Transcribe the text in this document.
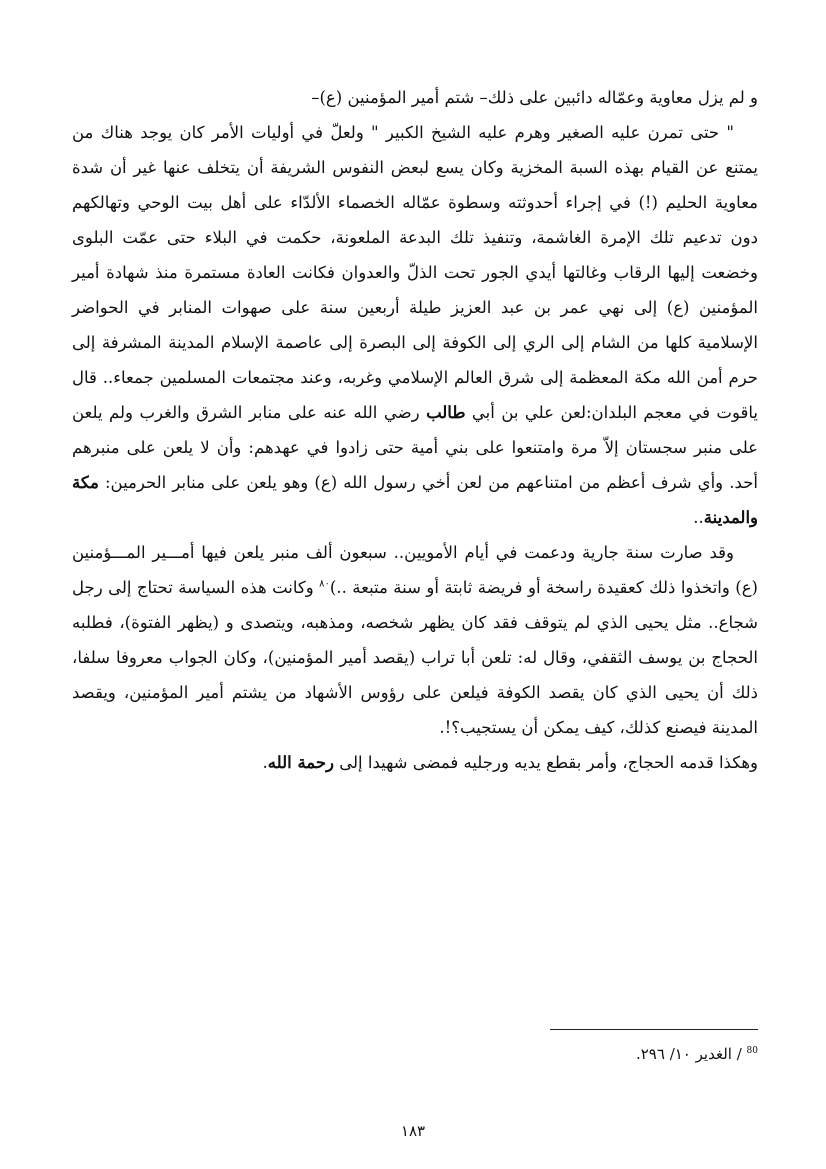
و لم يزل معاوية وعمّاله دائبين على ذلك– شتم أمير المؤمنين (ع)–

" حتى تمرن عليه الصغير وهرم عليه الشيخ الكبير " ولعلّ في أوليات الأمر كان يوجد هناك من يمتنع عن القيام بهذه السبة المخزية وكان يسع لبعض النفوس الشريفة أن يتخلف عنها غير أن شدة معاوية الحليم (!) في إجراء أحدوثته وسطوة عمّاله الخصماء الألدّاء على أهل بيت الوحي وتهالكهم دون تدعيم تلك الإمرة الغاشمة، وتنفيذ تلك البدعة الملعونة، حكمت في البلاء حتى عمّت البلوى وخضعت إليها الرقاب وغالتها أيدي الجور تحت الذلّ والعدوان فكانت العادة مستمرة منذ شهادة أمير المؤمنين (ع) إلى نهي عمر بن عبد العزيز طيلة أربعين سنة على صهوات المنابر في الحواضر الإسلامية كلها من الشام إلى الري إلى الكوفة إلى البصرة إلى عاصمة الإسلام المدينة المشرفة إلى حرم أمن الله مكة المعظمة إلى شرق العالم الإسلامي وغربه، وعند مجتمعات المسلمين جمعاء.. قال ياقوت في معجم البلدان:لعن علي بن أبي طالب رضي الله عنه على منابر الشرق والغرب ولم يلعن على منبر سجستان إلاّ مرة وامتنعوا على بني أمية حتى زادوا في عهدهم: وأن لا يلعن على منبرهم أحد. وأي شرف أعظم من امتناعهم من لعن أخي رسول الله (ع) وهو يلعن على منابر الحرمين: مكة والمدينة..

وقد صارت سنة جارية ودعمت في أيام الأمويين.. سبعون ألف منبر يلعن فيها أمـــير المـــؤمنين (ع) واتخذوا ذلك كعقيدة راسخة أو فريضة ثابتة أو سنة متبعة ..)$^{٨٠}$ وكانت هذه السياسة تحتاج إلى رجل شجاع.. مثل يحيى الذي لم يتوقف فقد كان يظهر شخصه، ومذهبه، ويتصدى و (يظهر الفتوة)، فطلبه الحجاج بن يوسف الثقفي، وقال له: تلعن أبا تراب (يقصد أمير المؤمنين)، وكان الجواب معروفا سلفا، ذلك أن يحيى الذي كان يقصد الكوفة فيلعن على رؤوس الأشهاد من يشتم أمير المؤمنين، ويقصد المدينة فيصنع كذلك، كيف يمكن أن يستجيب؟!.

وهكذا قدمه الحجاج، وأمر بقطع يديه ورجليه فمضى شهيدا إلى رحمة الله.

$^{80}$ / الغدير ١٠/ ٢٩٦.
١٨٣
